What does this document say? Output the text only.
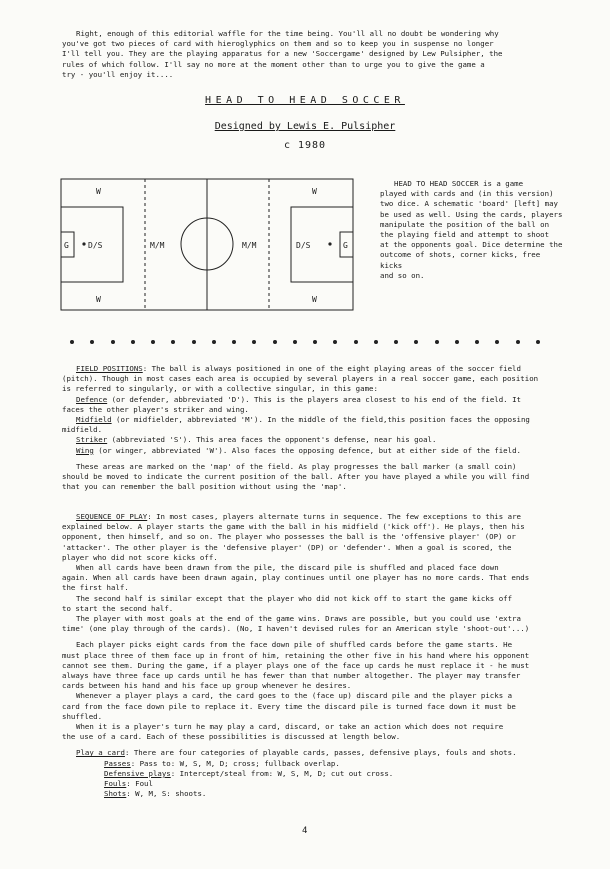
Right, enough of this editorial waffle for the time being. You'll all no doubt be wondering why
you've got two pieces of card with hieroglyphics on them and so to keep you in suspense no longer
I'll tell you. They are the playing apparatus for a new 'Soccergame' designed by Lew Pulsipher, the
rules of which follow. I'll say no more at the moment other than to urge you to give the game a
try - you'll enjoy it....
HEAD TO HEAD SOCCER
Designed by Lewis E. Pulsipher
c 1980
W
W
G D/S	M/M	M/M	D/S	G
W
W
HEAD TO HEAD SOCCER is a game
played with cards and (in this version)
two dice. A schematic 'board' [left] may
be used as well. Using the cards, players
manipulate the position of the ball on
the playing field and attempt to shoot
at the opponents goal. Dice determine the
outcome of shots, corner kicks, free kicks
and so on.
FIELD POSITIONS: The ball is always positioned in one of the eight playing areas of the soccer field
(pitch). Though in most cases each area is occupied by several players in a real soccer game, each position
is referred to singularly, or with a collective singular, in this game:
Defence (or defender, abbreviated 'D'). This is the players area closest to his end of the field. It
faces the other player's striker and wing.
Midfield (or midfielder, abbreviated 'M'). In the middle of the field,this position faces the opposing
midfield.
Striker (abbreviated 'S'). This area faces the opponent's defense, near his goal.
Wing (or winger, abbreviated 'W'). Also faces the opposing defence, but at either side of the field.
These areas are marked on the 'map' of the field. As play progresses the ball marker (a small coin)
should be moved to indicate the current position of the ball. After you have played a while you will find
that you can remember the ball position without using the 'map'.
SEQUENCE OF PLAY: In most cases, players alternate turns in sequence. The few exceptions to this are
explained below. A player starts the game with the ball in his midfield ('kick off'). He plays, then his
opponent, then himself, and so on. The player who possesses the ball is the 'offensive player' (OP) or
'attacker'. The other player is the 'defensive player' (DP) or 'defender'. When a goal is scored, the
player who did not score kicks off.
When all cards have been drawn from the pile, the discard pile is shuffled and placed face down
again. When all cards have been drawn again, play continues until one player has no more cards. That ends
the first half.
The second half is similar except that the player who did not kick off to start the game kicks off
to start the second half.
The player with most goals at the end of the game wins. Draws are possible, but you could use 'extra
time' (one play through of the cards). (No, I haven't devised rules for an American style 'shoot-out'...)
Each player picks eight cards from the face down pile of shuffled cards before the game starts. He
must place three of them face up in front of him, retaining the other five in his hand where his opponent
cannot see them. During the game, if a player plays one of the face up cards he must replace it - he must
always have three face up cards until he has fewer than that number altogether. The player may transfer
cards between his hand and his face up group whenever he desires.
Whenever a player plays a card, the card goes to the (face up) discard pile and the player picks a
card from the face down pile to replace it. Every time the discard pile is turned face down it must be
shuffled.
When it is a player's turn he may play a card, discard, or take an action which does not require
the use of a card. Each of these possibilities is discussed at length below.
Play a card: There are four categories of playable cards, passes, defensive plays, fouls and shots.
Passes: Pass to: W, S, M, D; cross; fullback overlap.
Defensive plays: Intercept/steal from: W, S, M, D; cut out cross.
Fouls: Foul
Shots: W, M, S: shoots.
4
